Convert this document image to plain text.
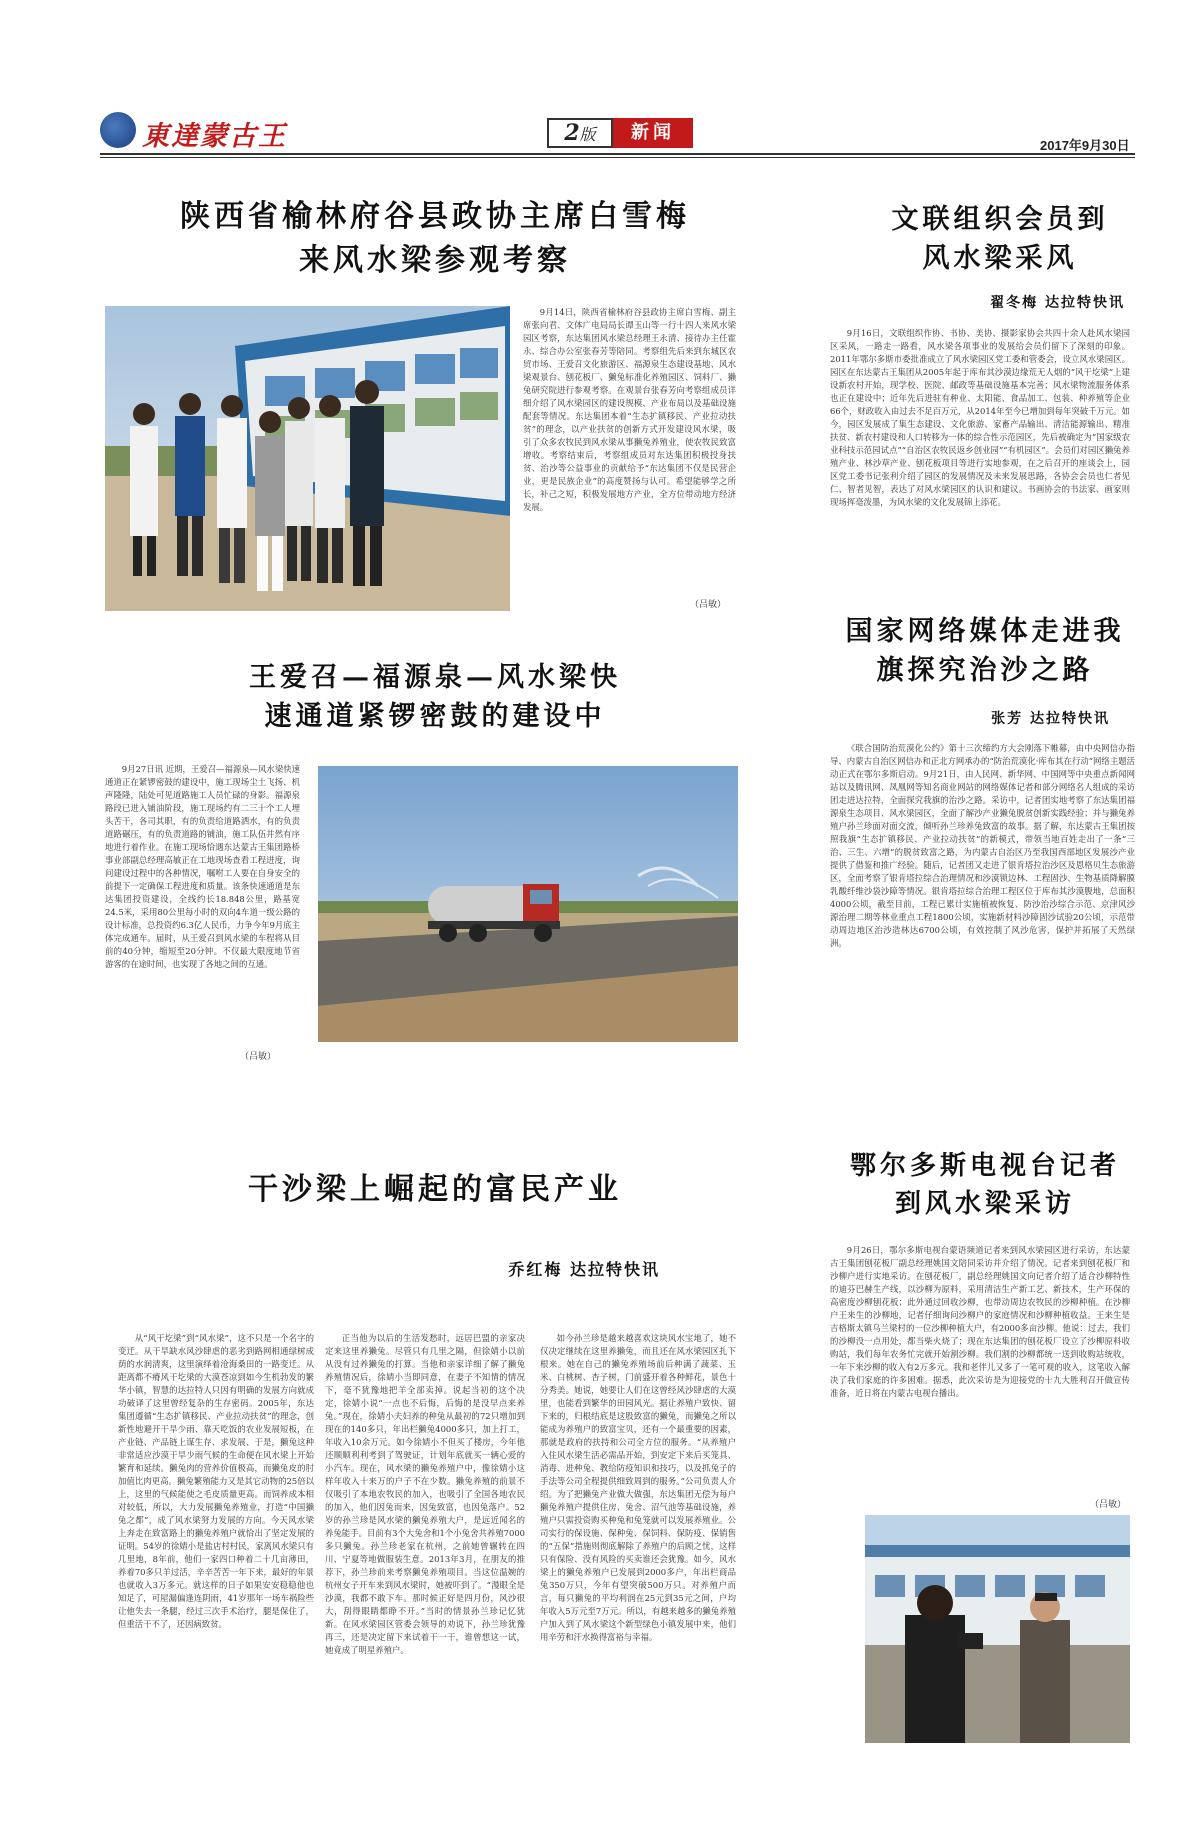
東達蒙古王	2版	新闻
2017年9月30日
陕西省榆林府谷县政协主席白雪梅
来风水梁参观考察

9月14日，陕西省榆林府谷县政协主席白雪梅、副主席张向君、文体广电局局长谭玉山等一行十四人来风水梁园区考察，东达集团风水梁总经理王永清、接待办主任霍永、综合办公室张春芳等陪同。考察组先后来到东城区农贸市场、王爱召文化旅游区、福源泉生态建设基地、风水梁观景台、刨花板厂、獭兔标准化养殖园区、饲料厂、獭兔研究院进行参观考察。在观景台张春芳向考察组成员详细介绍了风水梁园区的建设规模、产业布局以及基础设施配套等情况。东达集团本着“生态扩镇移民、产业拉动扶贫”的理念，以产业扶贫的创新方式开发建设风水梁，吸引了众多农牧民到风水梁从事獭兔养殖业，使农牧民致富增收。考察结束后，考察组成员对东达集团积极投身扶贫、治沙等公益事业的贡献给予“东达集团不仅是民营企业，更是民族企业”的高度赞扬与认可。希望能够学之所长，补己之短，积极发展地方产业，全方位带动地方经济发展。

（吕敏）
文联组织会员到
风水梁采风
翟冬梅 达拉特快讯

9月16日，文联组织作协、书协、美协、摄影家协会共四十余人赴风水梁园区采风，一路走一路看，风水梁各项事业的发展给会员们留下了深刻的印象。2011年鄂尔多斯市委批准成立了风水梁园区党工委和管委会，设立风水梁园区。园区在东达蒙古王集团从2005年起于库布其沙漠边缘荒无人烟的“风干圪梁”上建设新农村开始，现学校、医院、邮政等基础设施基本完善；风水梁物流服务体系也正在建设中；近年先后进驻有种业、太阳能、食品加工、包装、种养殖等企业66个，财政收入由过去不足百万元，从2014年至今已增加到每年突破千万元。如今，园区发展成了集生态建设、文化旅游、家畜产品输出、清洁能源输出、精准扶贫、新农村建设和人口转移为一体的综合性示范园区，先后被确定为“国家级农业科技示范园试点”“自治区农牧民返乡创业园”“有机园区”。会员们对园区獭兔养殖产业、林沙草产业、刨花板项目等进行实地参观，在之后召开的座谈会上，园区党工委书记张利介绍了园区的发展情况及未来发展思路，各协会会员也仁者见仁、智者见智，表达了对风水梁园区的认识和建议。书画协会的书法家、画家则现场挥毫泼墨，为风水梁的文化发展锦上添花。

王爱召—福源泉—风水梁快
速通道紧锣密鼓的建设中

9月27日讯 近期，王爱召—福源泉—风水梁快速通道正在紧锣密鼓的建设中，施工现场尘土飞扬、机声隆隆，陆处可见道路施工人员忙碌的身影。福源泉路段已进入铺油阶段，施工现场约有二三十个工人埋头苦干，各司其职，有的负责给道路洒水，有的负责道路碾压，有的负责道路的铺油，施工队伍井然有序地进行着作业。在施工现场恰遇东达蒙古王集团路桥事业部副总经理高敏正在工地现场查看工程进度，询问建设过程中的各种情况，嘱咐工人要在自身安全的前提下一定确保工程进度和质量。该条快速通道是东达集团投资建设，全线约长18.848公里，路基宽24.5米，采用80公里每小时的双向4车道一级公路的设计标准，总投资约6.3亿人民币，力争今年9月底主体完成通车。届时，从王爱召到风水梁的车程将从目前的40分钟，缩短至20分钟。不仅最大限度地节省游客的在途时间，也实现了各地之间的互通。

（吕敏）
国家网络媒体走进我
旗探究治沙之路
张芳 达拉特快讯

《联合国防治荒漠化公约》第十三次缔约方大会刚落下帷幕，由中央网信办指导、内蒙古自治区网信办和正北方网承办的“防治荒漠化·库布其在行动”网络主题活动正式在鄂尔多斯启动。9月21日，由人民网、新华网、中国网等中央重点新闻网站以及腾讯网、凤凰网等知名商业网站的网络媒体记者和部分网络名人组成的采访团走进达拉特，全面探究我旗的治沙之路。采访中，记者团实地考察了东达集团福源泉生态项目、风水梁园区，全面了解沙产业獭兔脱贫创新实践经验；并与獭兔养殖户孙兰珍面对面交流，倾听孙兰珍养兔致富的故事。据了解，东达蒙古王集团按照我旗“生态扩镇移民、产业拉动扶贫”的新模式，带领当地百姓走出了一条“三治、三生、六增”的脱贫致富之路，为内蒙古自治区乃至我国西部地区发展沙产业提供了借鉴和推广经验。随后，记者团又走进了银肯塔拉治沙区及恩格贝生态旅游区，全面考察了银肯塔拉综合治理情况和沙漠锁边林、工程固沙、生物基质降解膜乳酸纤维沙袋沙障等情况。银肯塔拉综合治理工程区位于库布其沙漠腹地，总面积4000公顷，截至目前，工程已累计实施植被恢复、防沙治沙综合示范、京津风沙源治理二期等林业重点工程1800公顷，实施新材料沙障固沙试验20公顷，示范带动周边地区治沙造林达6700公顷，有效控制了风沙危害，保护并拓展了天然绿洲。

干沙梁上崛起的富民产业
乔红梅 达拉特快讯

从“风干圪梁”到“风水梁”，这不只是一个名字的变迁。从干旱缺水风沙肆虐的恶劣到路网相通绿树成荫的水润清爽，这里演绎着沧海桑田的一路变迁。从距离都不瘠风干圪梁的大漠苍凉到如今生机勃发的繁华小镇，智慧的达拉特人只因有明确的发展方向就成功破译了这里曾经复杂的生存密码。2005年，东达集团遵循“生态扩镇移民、产业拉动扶贫”的理念，创新性地避开干旱少雨、靠天吃饭的农业发展短板，在产业链、产品链上谋生存、求发展、于是，獭兔这种非常适应沙漠干旱少雨气候的生命便在风水梁上开始繁育和延续。獭兔肉的营养价值极高，而獭兔皮的肘加值比肉更高。獭兔繁殖能力又是其它动物的25倍以上，这里的气候能使之毛皮质量更高。而饲养成本相对较低，所以，大力发展獭兔养殖业，打造“中国獭兔之都”，成了风水梁努力发展的方向。今天风水梁上奔走在致富路上的獭兔养殖户就恰出了坚定发展的证明。54岁的徐婧小是盐店村村民，家离风水梁只有几里地，8年前，他们一家四口种着二十几亩薄田，养着70多只羊过活，辛辛苦苦一年下来，最好的年景也就收入3万多元。就这样的日子如果安安稳稳他也知足了，可屋漏偏逢连阴雨，41岁那年一场车祸险些让他失去一条腿，经过三次手术治疗，腿是保住了，但重活干不了，还因病致贫。

正当他为以后的生活发愁时，远居巴盟的亲家决定来这里养獭兔。尽管只有几里之隔，但徐婧小以前从没有过养獭兔的打算。当他和亲家详细了解了獭兔养殖情况后，徐婧小当即同意，在妻子不知情的情况下，毫不犹豫地把羊全部卖掉。说起当初的这个决定，徐婧小说“一点也不后悔，后悔的是没早点来养兔。”现在，徐婧小夫妇养的种兔从最初的72只增加到现在的140多只，年出栏獭兔4000多只，加上打工，年收入10余万元。如今徐婧小不但买了楼房，今年他还顺顺利利考到了驾驶证，计划年底就买一辆心爱的小汽车。现在，风水梁的獭兔养殖户中，像徐婧小这样年收入十来万的户子不在少数。獭兔养殖的前景不仅吸引了本地农牧民的加入，也吸引了全国各地农民的加入，他们因兔而来，因兔致富，也因兔落户。52岁的孙兰珍是风水梁的獭兔养殖大户，是远近闻名的养兔能手。目前有3个大兔舍和1个小兔舍共养殖7000多只獭兔。孙兰珍老家在杭州，之前她曾辗转在四川、宁夏等地做服装生意。2013年3月，在朋友的推荐下，孙兰珍前来考察獭兔养殖项目。当这位温婉的杭州女子开车来到风水梁时，她被吓到了。“漫眼全是沙漠，我都不敢下车。那时候正好是四月份，风沙很大，刮得眼睛都睁不开。”当时的情景孙兰珍记忆犹新。在风水梁园区管委会领导的劝说下，孙兰珍犹豫再三，还是决定留下来试着干一干，谁曾想这一试，她竟成了明星养殖户。

如今孙兰珍是越来越喜欢这块风水宝地了，她不仅决定继续在这里养獭兔，而且还在风水梁园区扎下根来。她在自己的獭兔养殖场前后种满了蔬菜、玉米、白桃树、杏子树，门前盛开着各种鲜花，景色十分秀美。她说，她要让人们在这曾经风沙肆虐的大漠里，也能看到繁华的田园风光。据让养殖户致快、留下来的，归根结底是这股致富的獭兔，而獭兔之所以能成为养殖户的致富宝贝，还有一个最重要的因素，那就是政府的扶持和公司全方位的服务。“从养殖户入住风水梁生活必需品开始，到安定下来后买笼具、消毒、进种兔、教给防疫知识和技巧，以及抓兔子的手法等公司全程提供细致周到的服务。”公司负责人介绍。为了把獭兔产业做大做强，东达集团无偿为每户獭兔养殖户提供住房、兔舍、沼气池等基础设施，养殖户只需投资购买种兔和兔笼就可以发展养殖业。公司实行的保设施、保种兔、保饲料、保防疫、保销售的“五保”措施则彻底解除了养殖户的后顾之忧，这样只有保险、没有风险的买卖谁还会犹豫。如今，风水梁上的獭兔养殖户已发展到2000多户，年出栏商品兔350万只，今年有望突破500万只。对养殖户而言，每只獭兔的平均利润在25元到35元之间，户均年收入5万元至7万元。所以，有越来越多的獭兔养殖户加入到了风水梁这个新型绿色小镇发展中来，他们用辛劳和汗水换得富裕与幸福。

鄂尔多斯电视台记者
到风水梁采访

9月26日，鄂尔多斯电视台蒙语频道记者来到风水梁园区进行采访，东达蒙古王集团刨花板厂副总经理姚国文陪同采访并介绍了情况。记者来到刨花板厂和沙柳户进行实地采访。在刨花板厂，副总经理姚国文向记者介绍了适合沙柳特性的迪芬巴赫生产线，以沙柳为原料，采用清洁生产新工艺、新技术，生产环保的高密度沙柳刨花板；此外通过回收沙柳，也带动周边农牧民的沙柳种植。在沙柳户王来生的沙柳地，记者仔细询问沙柳户的家庭情况和沙柳种植收益。王来生是吉格斯太镇乌兰梁村的一位沙柳种植大户，有2000多亩沙柳。他说：过去，我们的沙柳没一点用处，都当柴火烧了；现在东达集团的刨花板厂设立了沙柳原料收购站，我们每年农务忙完就开始割沙柳。我们割的沙柳都统一送到收购站统收，一年下来沙柳的收入有2万多元。我和老伴儿又多了一笔可观的收入，这笔收入解决了我们家庭的许多困难。据悉，此次采访是为迎接党的十九大胜利召开做宣传准备，近日将在内蒙古电视台播出。

（吕敏）
